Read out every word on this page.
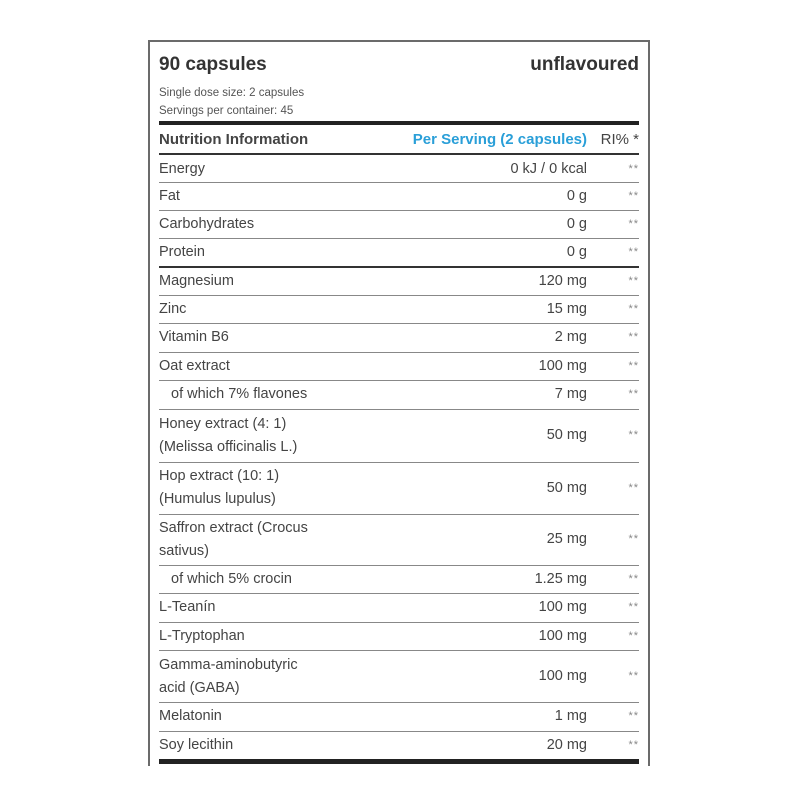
90 capsules	unflavoured
Single dose size: 2 capsules
Servings per container: 45
Nutrition Information	Per Serving (2 capsules) RI% *
Energy	0 kJ / 0 kcal	**
Fat	0 g	**
Carbohydrates	0 g	**
Protein	0 g	**
Magnesium	120 mg	**
Zinc	15 mg	**
Vitamin B6	2 mg	**
Oat extract	100 mg	**
of which 7% flavones	7 mg	**
Honey extract (4: 1)
(Melissa officinalis L.)
50 mg	**
Hop extract (10: 1)
(Humulus lupulus)
50 mg	**
Saffron extract (Crocus
sativus)
25 mg	**
of which 5% crocin	1.25 mg	**
L-Teanín	100 mg	**
L-Tryptophan	100 mg	**
Gamma-aminobutyric
acid (GABA)
100 mg	**
Melatonin	1 mg	**
Soy lecithin	20 mg	**
